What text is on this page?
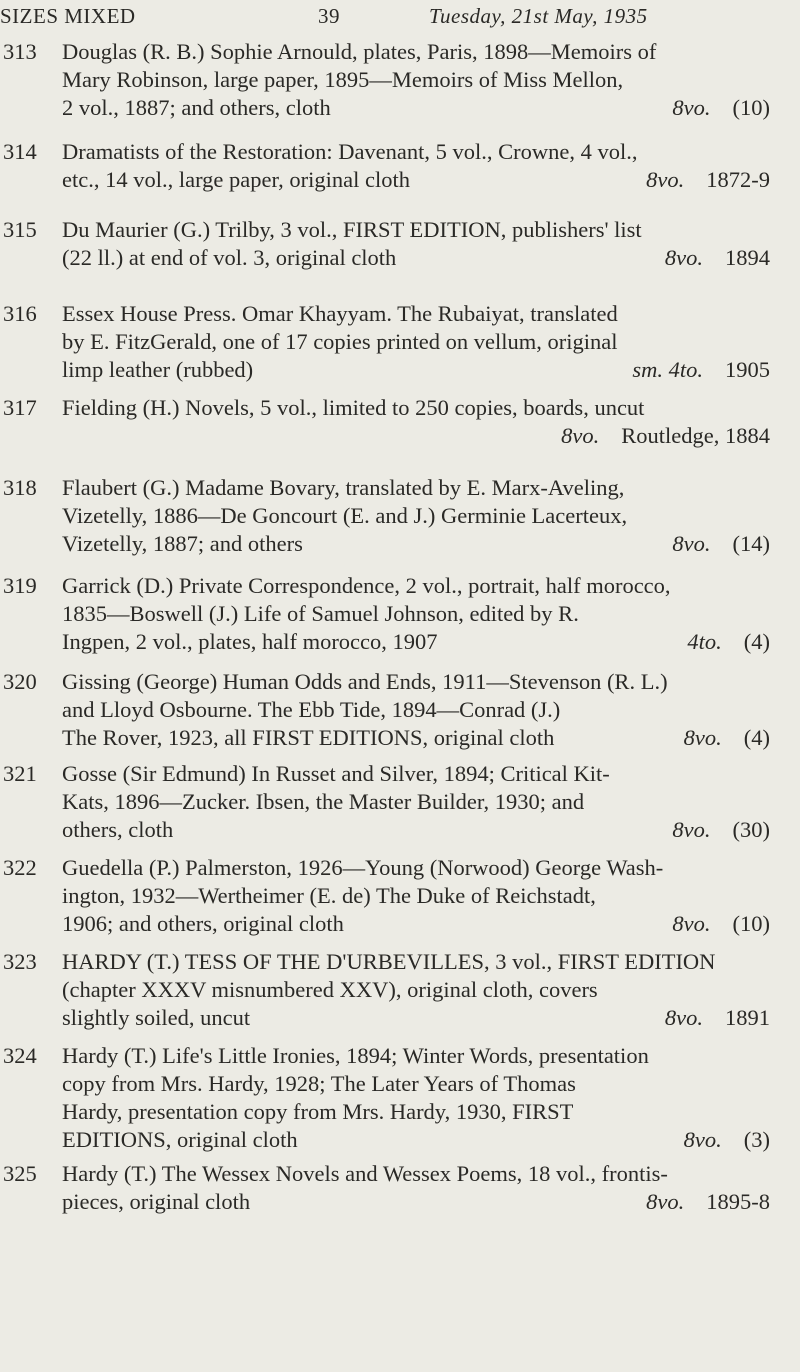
SIZES MIXED	39	Tuesday, 21st May, 1935
313	Douglas (R. B.) Sophie Arnould, plates, Paris, 1898—Memoirs of
Mary Robinson, large paper, 1895—Memoirs of Miss Mellon,
2 vol., 1887; and others, cloth	8vo. (10)
314	Dramatists of the Restoration: Davenant, 5 vol., Crowne, 4 vol.,
etc., 14 vol., large paper, original cloth	8vo. 1872-9
315	Du Maurier (G.) Trilby, 3 vol., FIRST EDITION, publishers' list
(22 ll.) at end of vol. 3, original cloth	8vo. 1894
316	Essex House Press. Omar Khayyam. The Rubaiyat, translated
by E. FitzGerald, one of 17 copies printed on vellum, original
limp leather (rubbed)	sm. 4to. 1905
317	Fielding (H.) Novels, 5 vol., limited to 250 copies, boards, uncut
8vo. Routledge, 1884
318	Flaubert (G.) Madame Bovary, translated by E. Marx-Aveling,
Vizetelly, 1886—De Goncourt (E. and J.) Germinie Lacerteux,
Vizetelly, 1887; and others	8vo. (14)
319	Garrick (D.) Private Correspondence, 2 vol., portrait, half morocco,
1835—Boswell (J.) Life of Samuel Johnson, edited by R.
Ingpen, 2 vol., plates, half morocco, 1907	4to. (4)
320	Gissing (George) Human Odds and Ends, 1911—Stevenson (R. L.)
and Lloyd Osbourne. The Ebb Tide, 1894—Conrad (J.)
The Rover, 1923, all FIRST EDITIONS, original cloth	8vo. (4)
321	Gosse (Sir Edmund) In Russet and Silver, 1894; Critical Kit-
Kats, 1896—Zucker. Ibsen, the Master Builder, 1930; and
others, cloth	8vo. (30)
322	Guedella (P.) Palmerston, 1926—Young (Norwood) George Wash-
ington, 1932—Wertheimer (E. de) The Duke of Reichstadt,
1906; and others, original cloth	8vo. (10)
323	HARDY (T.) TESS OF THE D'URBEVILLES, 3 vol., FIRST EDITION
(chapter XXXV misnumbered XXV), original cloth, covers
slightly soiled, uncut	8vo. 1891
324	Hardy (T.) Life's Little Ironies, 1894; Winter Words, presentation
copy from Mrs. Hardy, 1928; The Later Years of Thomas
Hardy, presentation copy from Mrs. Hardy, 1930, FIRST
EDITIONS, original cloth	8vo. (3)
325	Hardy (T.) The Wessex Novels and Wessex Poems, 18 vol., frontis-
pieces, original cloth	8vo. 1895-8
